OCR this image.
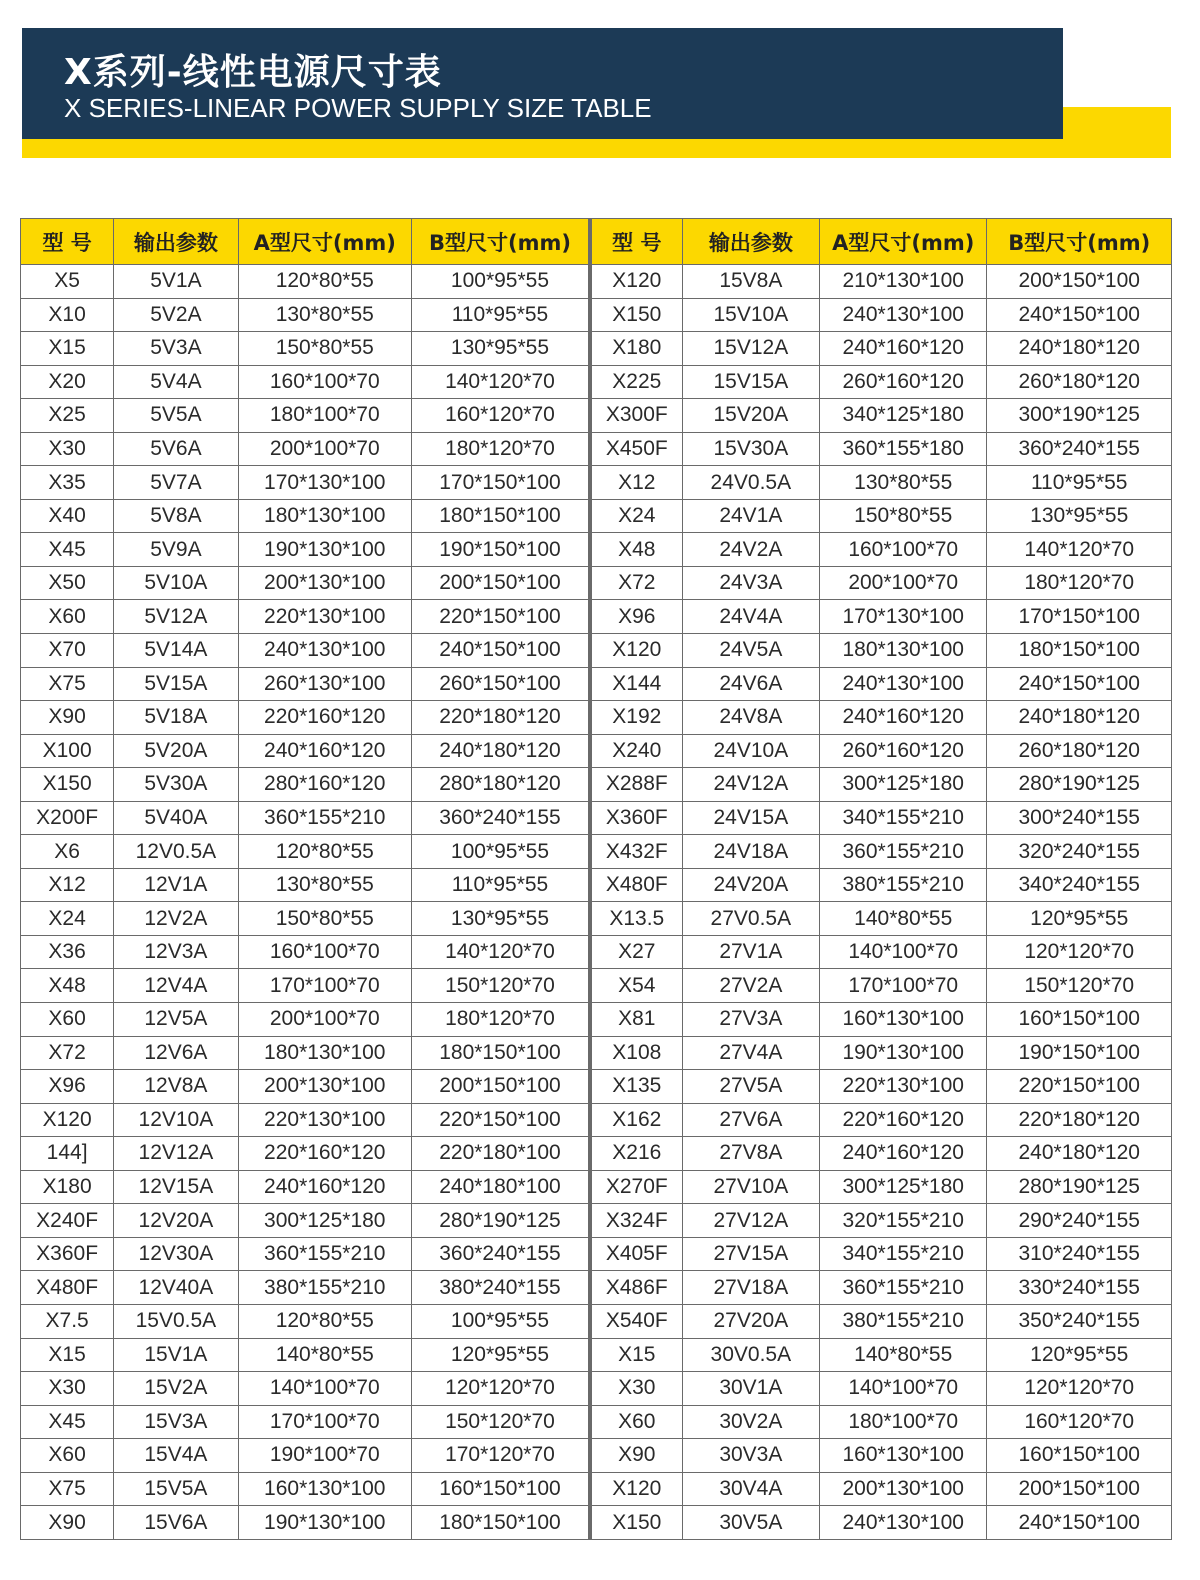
X系列-线性电源尺寸表
X SERIES-LINEAR POWER SUPPLY SIZE TABLE
型 号	输出参数	A型尺寸(mm)	B型尺寸(mm)	型 号	输出参数	A型尺寸(mm)	B型尺寸(mm)
X5	5V1A	120*80*55	100*95*55	X120	15V8A	210*130*100	200*150*100
X10	5V2A	130*80*55	110*95*55	X150	15V10A	240*130*100	240*150*100
X15	5V3A	150*80*55	130*95*55	X180	15V12A	240*160*120	240*180*120
X20	5V4A	160*100*70	140*120*70	X225	15V15A	260*160*120	260*180*120
X25	5V5A	180*100*70	160*120*70	X300F	15V20A	340*125*180	300*190*125
X30	5V6A	200*100*70	180*120*70	X450F	15V30A	360*155*180	360*240*155
X35	5V7A	170*130*100	170*150*100	X12	24V0.5A	130*80*55	110*95*55
X40	5V8A	180*130*100	180*150*100	X24	24V1A	150*80*55	130*95*55
X45	5V9A	190*130*100	190*150*100	X48	24V2A	160*100*70	140*120*70
X50	5V10A	200*130*100	200*150*100	X72	24V3A	200*100*70	180*120*70
X60	5V12A	220*130*100	220*150*100	X96	24V4A	170*130*100	170*150*100
X70	5V14A	240*130*100	240*150*100	X120	24V5A	180*130*100	180*150*100
X75	5V15A	260*130*100	260*150*100	X144	24V6A	240*130*100	240*150*100
X90	5V18A	220*160*120	220*180*120	X192	24V8A	240*160*120	240*180*120
X100	5V20A	240*160*120	240*180*120	X240	24V10A	260*160*120	260*180*120
X150	5V30A	280*160*120	280*180*120	X288F	24V12A	300*125*180	280*190*125
X200F	5V40A	360*155*210	360*240*155	X360F	24V15A	340*155*210	300*240*155
X6	12V0.5A	120*80*55	100*95*55	X432F	24V18A	360*155*210	320*240*155
X12	12V1A	130*80*55	110*95*55	X480F	24V20A	380*155*210	340*240*155
X24	12V2A	150*80*55	130*95*55	X13.5	27V0.5A	140*80*55	120*95*55
X36	12V3A	160*100*70	140*120*70	X27	27V1A	140*100*70	120*120*70
X48	12V4A	170*100*70	150*120*70	X54	27V2A	170*100*70	150*120*70
X60	12V5A	200*100*70	180*120*70	X81	27V3A	160*130*100	160*150*100
X72	12V6A	180*130*100	180*150*100	X108	27V4A	190*130*100	190*150*100
X96	12V8A	200*130*100	200*150*100	X135	27V5A	220*130*100	220*150*100
X120	12V10A	220*130*100	220*150*100	X162	27V6A	220*160*120	220*180*120
144]	12V12A	220*160*120	220*180*100	X216	27V8A	240*160*120	240*180*120
X180	12V15A	240*160*120	240*180*100	X270F	27V10A	300*125*180	280*190*125
X240F	12V20A	300*125*180	280*190*125	X324F	27V12A	320*155*210	290*240*155
X360F	12V30A	360*155*210	360*240*155	X405F	27V15A	340*155*210	310*240*155
X480F	12V40A	380*155*210	380*240*155	X486F	27V18A	360*155*210	330*240*155
X7.5	15V0.5A	120*80*55	100*95*55	X540F	27V20A	380*155*210	350*240*155
X15	15V1A	140*80*55	120*95*55	X15	30V0.5A	140*80*55	120*95*55
X30	15V2A	140*100*70	120*120*70	X30	30V1A	140*100*70	120*120*70
X45	15V3A	170*100*70	150*120*70	X60	30V2A	180*100*70	160*120*70
X60	15V4A	190*100*70	170*120*70	X90	30V3A	160*130*100	160*150*100
X75	15V5A	160*130*100	160*150*100	X120	30V4A	200*130*100	200*150*100
X90	15V6A	190*130*100	180*150*100	X150	30V5A	240*130*100	240*150*100
